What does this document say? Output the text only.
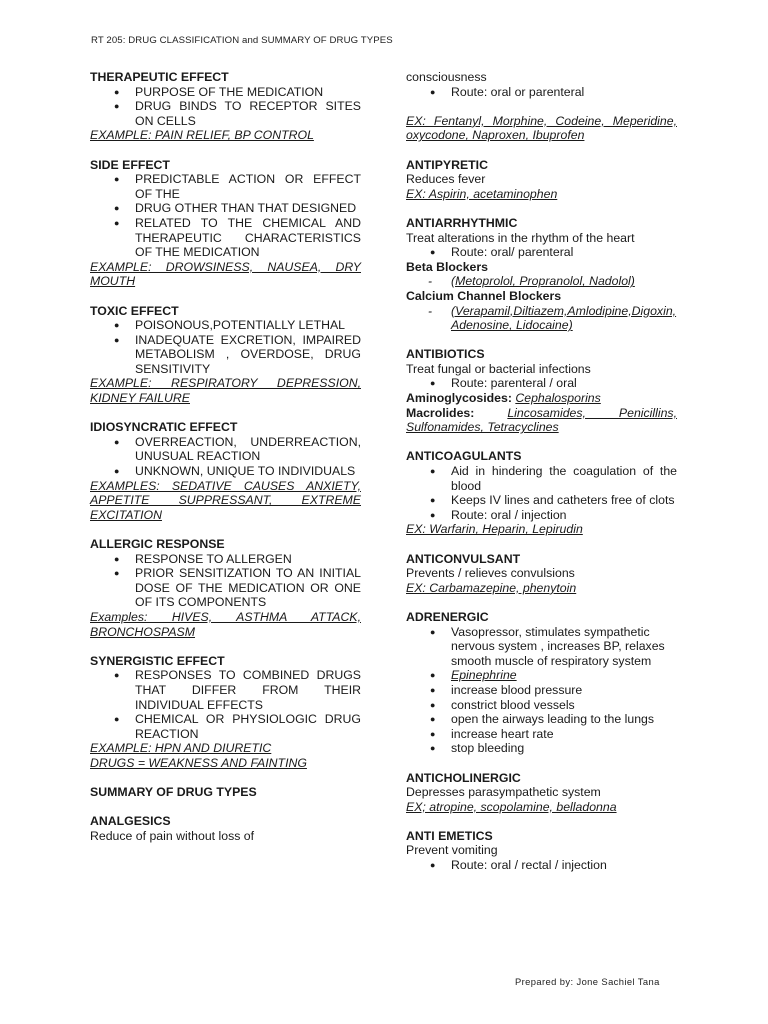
RT 205: DRUG CLASSIFICATION and SUMMARY OF DRUG TYPES
THERAPEUTIC EFFECT
● PURPOSE OF THE MEDICATION
● DRUG BINDS TO RECEPTOR SITES ON CELLS
EXAMPLE: PAIN RELIEF, BP CONTROL
SIDE EFFECT
● PREDICTABLE ACTION OR EFFECT OF THE
● DRUG OTHER THAN THAT DESIGNED
● RELATED TO THE CHEMICAL AND THERAPEUTIC CHARACTERISTICS OF THE MEDICATION
EXAMPLE: DROWSINESS, NAUSEA, DRY MOUTH
TOXIC EFFECT
● POISONOUS,POTENTIALLY LETHAL
● INADEQUATE EXCRETION, IMPAIRED METABOLISM , OVERDOSE, DRUG SENSITIVITY
EXAMPLE: RESPIRATORY DEPRESSION, KIDNEY FAILURE
IDIOSYNCRATIC EFFECT
● OVERREACTION, UNDERREACTION, UNUSUAL REACTION
● UNKNOWN, UNIQUE TO INDIVIDUALS
EXAMPLES: SEDATIVE CAUSES ANXIETY, APPETITE SUPPRESSANT, EXTREME EXCITATION
ALLERGIC RESPONSE
● RESPONSE TO ALLERGEN
● PRIOR SENSITIZATION TO AN INITIAL DOSE OF THE MEDICATION OR ONE OF ITS COMPONENTS
Examples: HIVES, ASTHMA ATTACK, BRONCHOSPASM
SYNERGISTIC EFFECT
● RESPONSES TO COMBINED DRUGS THAT DIFFER FROM THEIR INDIVIDUAL EFFECTS
● CHEMICAL OR PHYSIOLOGIC DRUG REACTION
EXAMPLE: HPN AND DIURETIC
DRUGS = WEAKNESS AND FAINTING
SUMMARY OF DRUG TYPES
ANALGESICS
Reduce of pain without loss of
consciousness
● Route: oral or parenteral
EX: Fentanyl, Morphine, Codeine, Meperidine, oxycodone, Naproxen, Ibuprofen
ANTIPYRETIC
Reduces fever
EX: Aspirin, acetaminophen
ANTIARRHYTHMIC
Treat alterations in the rhythm of the heart
● Route: oral/ parenteral
Beta Blockers
- (Metoprolol, Propranolol, Nadolol)
Calcium Channel Blockers
- (Verapamil,Diltiazem,Amlodipine,Digoxin,Adenosine, Lidocaine)
ANTIBIOTICS
Treat fungal or bacterial infections
● Route: parenteral / oral
Aminoglycosides: Cephalosporins
Macrolides:	Lincosamides, Penicillins, Sulfonamides, Tetracyclines
ANTICOAGULANTS
● Aid in hindering the coagulation of the blood
● Keeps IV lines and catheters free of clots
● Route: oral / injection
EX: Warfarin, Heparin, Lepirudin
ANTICONVULSANT
Prevents / relieves convulsions
EX: Carbamazepine, phenytoin
ADRENERGIC
● Vasopressor, stimulates sympathetic nervous system , increases BP, relaxes smooth muscle of respiratory system
● Epinephrine
● increase blood pressure
● constrict blood vessels
● open the airways leading to the lungs
● increase heart rate
● stop bleeding
ANTICHOLINERGIC
Depresses parasympathetic system
EX; atropine, scopolamine, belladonna
ANTI EMETICS
Prevent vomiting
● Route: oral / rectal / injection
Prepared by: Jone Sachiel Tana
